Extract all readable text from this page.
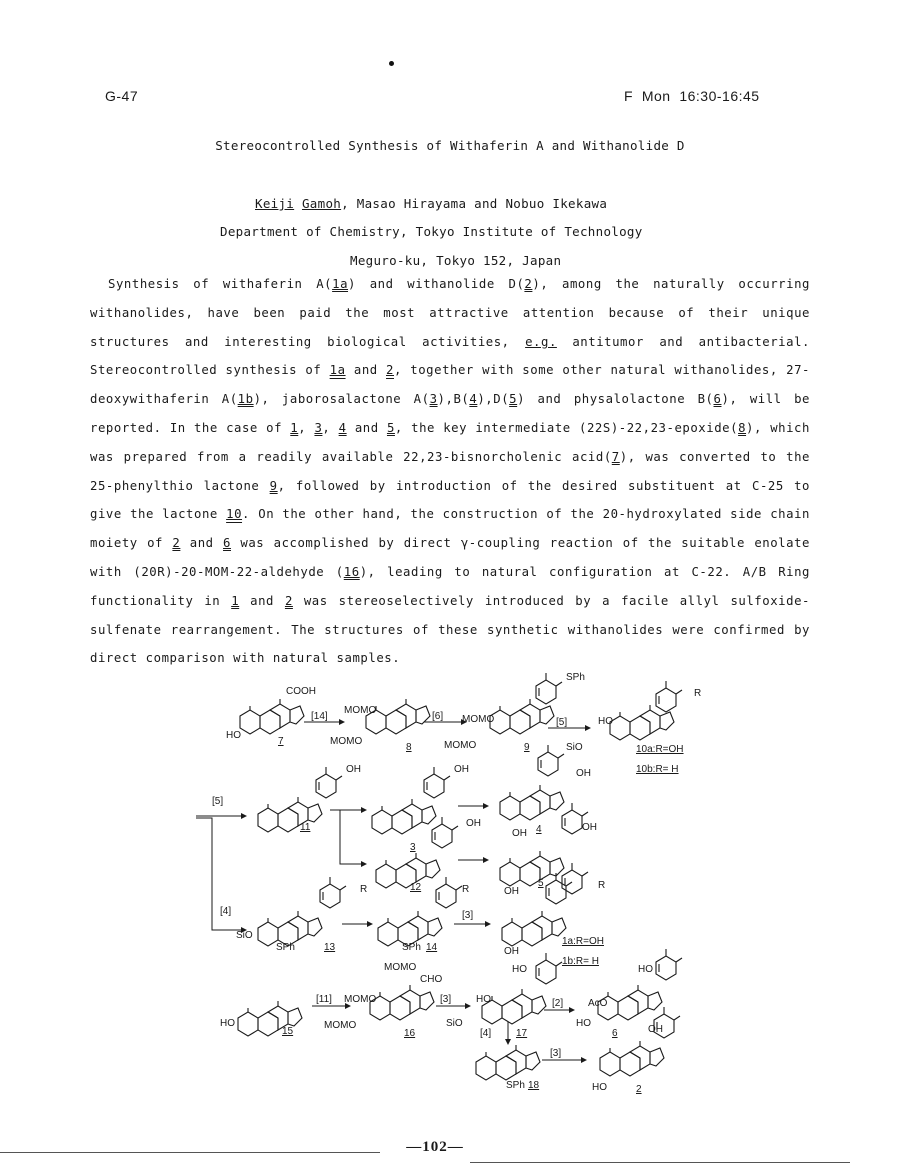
G-47	F  Mon  16:30-16:45
Stereocontrolled Synthesis of Withaferin A and Withanolide D
Keiji Gamoh, Masao Hirayama and Nobuo Ikekawa
Department of Chemistry, Tokyo Institute of Technology
Meguro-ku, Tokyo 152, Japan

Synthesis of withaferin A(1a) and withanolide D(2), among the naturally occurring withanolides, have been paid the most attractive attention because of their unique structures and interesting biological activities, e.g. antitumor and antibacterial. Stereocontrolled synthesis of 1a and 2, together with some other natural withanolides, 27-deoxywithaferin A(1b), jaborosalactone A(3),B(4),D(5) and physalolactone B(6), will be reported. In the case of 1, 3, 4 and 5, the key intermediate (22S)-22,23-epoxide(8), which was prepared from a readily available 22,23-bisnorcholenic acid(7), was converted to the 25-phenylthio lactone 9, followed by introduction of the desired substituent at C-25 to give the lactone 10. On the other hand, the construction of the 20-hydroxylated side chain moiety of 2 and 6 was accomplished by direct γ-coupling reaction of the suitable enolate with (20R)-20-MOM-22-aldehyde (16), leading to natural configuration at C-22. A/B Ring functionality in 1 and 2 was stereoselectively introduced by a facile allyl sulfoxide-sulfenate rearrangement. The structures of these synthetic withanolides were confirmed by direct comparison with natural samples.

HO
COOH
7
[14]
MOMO
MOMO
8
[6]
SPh
MOMO
MOMO	9
[5]
R
HO
SiO	10a:R=OH
10b:R= H
[5]
OH
11
OH
3
OH
12	R
OH
OH 4	OH
OH
5	R
[4]
R
SiO
SPh	13	SPh 14
[3]
OH
1a:R=OH
1b:R= H
HO
15
[11]
MOMO
CHO
MOMO
MOMO
16
[3]
HO
HO
SiO
17
[2]
[4]
HO
AcO
HO
6
SPh 18
[3]
OH
HO	2
—102—
